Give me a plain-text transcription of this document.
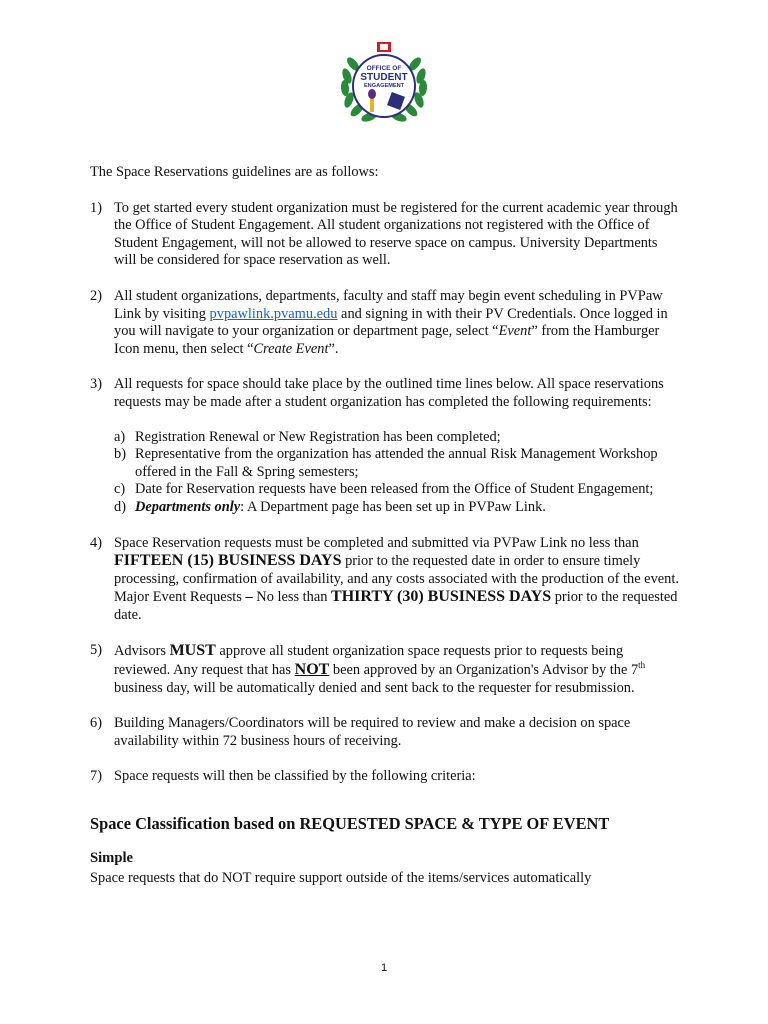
OFFICE OF
STUDENT
ENGAGEMENT

The Space Reservations guidelines are as follows:

1) To get started every student organization must be registered for the current academic year through the Office of Student Engagement. All student organizations not registered with the Office of Student Engagement, will not be allowed to reserve space on campus. University Departments will be considered for space reservation as well.

2) All student organizations, departments, faculty and staff may begin event scheduling in PVPaw Link by visiting pvpawlink.pvamu.edu and signing in with their PV Credentials. Once logged in you will navigate to your organization or department page, select “Event” from the Hamburger Icon menu, then select “Create Event”.

3) All requests for space should take place by the outlined time lines below. All space reservations requests may be made after a student organization has completed the following requirements:

a) Registration Renewal or New Registration has been completed;
b) Representative from the organization has attended the annual Risk Management Workshop offered in the Fall & Spring semesters;
c) Date for Reservation requests have been released from the Office of Student Engagement;
d) Departments only: A Department page has been set up in PVPaw Link.
4) Space Reservation requests must be completed and submitted via PVPaw Link no less than FIFTEEN (15) BUSINESS DAYS prior to the requested date in order to ensure timely processing, confirmation of availability, and any costs associated with the production of the event. Major Event Requests – No less than THIRTY (30) BUSINESS DAYS prior to the requested date.

5) Advisors MUST approve all student organization space requests prior to requests being reviewed. Any request that has NOT been approved by an Organization's Advisor by the 7th business day, will be automatically denied and sent back to the requester for resubmission.

6) Building Managers/Coordinators will be required to review and make a decision on space availability within 72 business hours of receiving.

7) Space requests will then be classified by the following criteria:

Space Classification based on REQUESTED SPACE & TYPE OF EVENT
Simple

Space requests that do NOT require support outside of the items/services automatically

1
